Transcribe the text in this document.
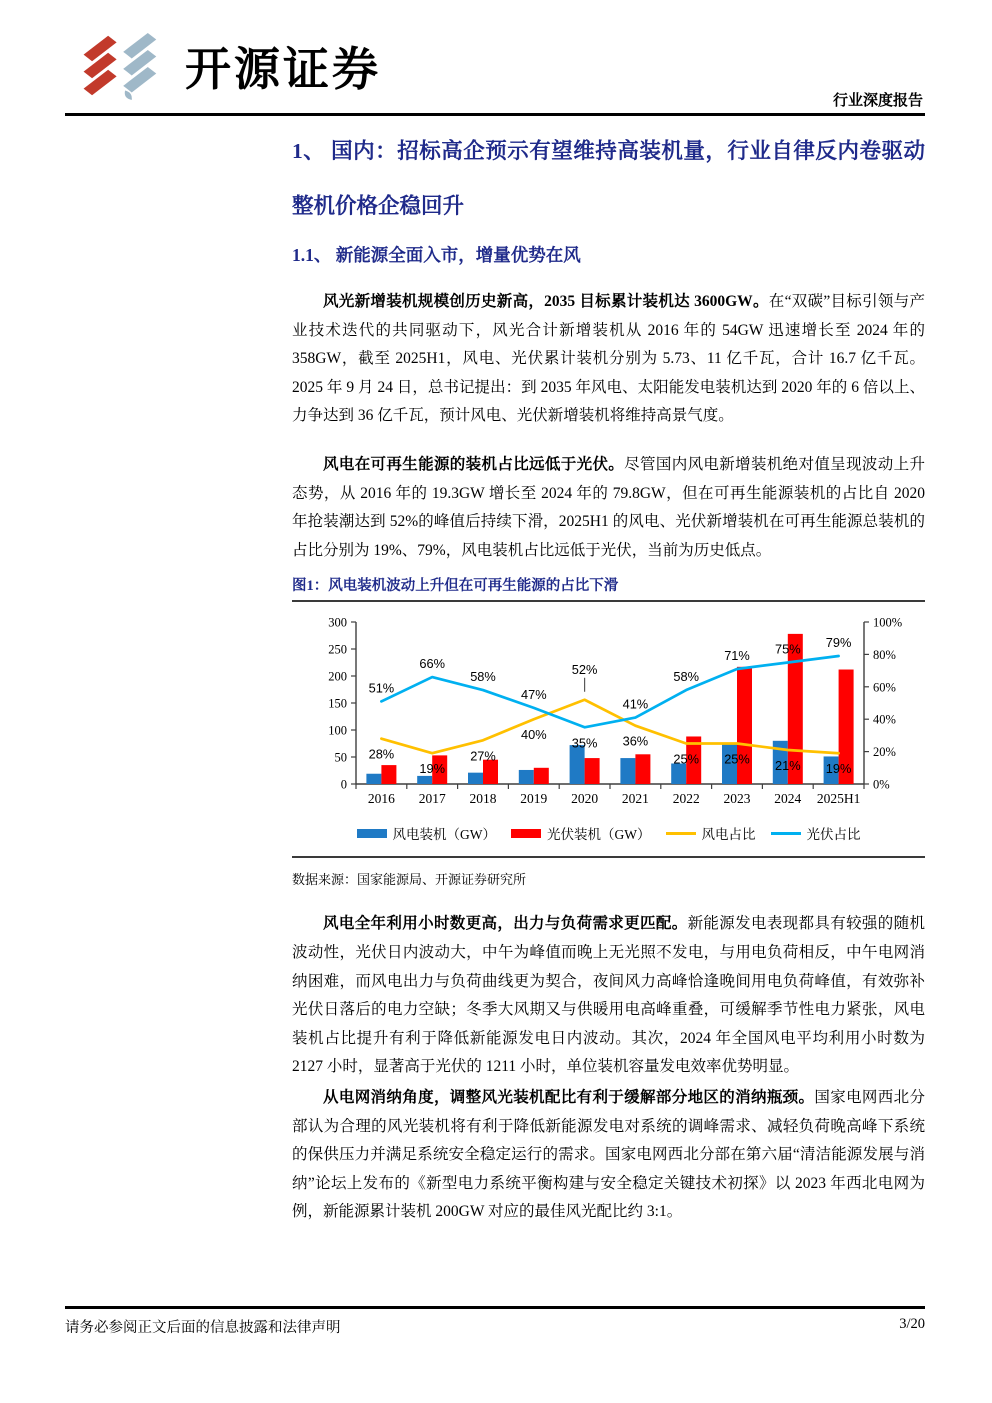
开源证券
行业深度报告
1、 国内：招标高企预示有望维持高装机量，行业自律反内卷驱动整机价格企稳回升
1.1、 新能源全面入市，增量优势在风

风光新增装机规模创历史新高，2035 目标累计装机达 3600GW。在“双碳”目标引领与产业技术迭代的共同驱动下，风光合计新增装机从 2016 年的 54GW 迅速增长至 2024 年的 358GW，截至 2025H1，风电、光伏累计装机分别为 5.73、11 亿千瓦，合计 16.7 亿千瓦。2025 年 9 月 24 日，总书记提出：到 2035 年风电、太阳能发电装机达到 2020 年的 6 倍以上、力争达到 36 亿千瓦，预计风电、光伏新增装机将维持高景气度。

风电在可再生能源的装机占比远低于光伏。尽管国内风电新增装机绝对值呈现波动上升态势，从 2016 年的 19.3GW 增长至 2024 年的 79.8GW，但在可再生能源装机的占比自 2020 年抢装潮达到 52%的峰值后持续下滑，2025H1 的风电、光伏新增装机在可再生能源总装机的占比分别为 19%、79%，风电装机占比远低于光伏，当前为历史低点。

图1：风电装机波动上升但在可再生能源的占比下滑
0
50
100
150
200
250
300
0%
20%
40%
60%
80%
100%
28%
19%
27%
40%
52%
36%
25% 25% 21% 19%
51%
66%
58%
47%
35%
41%
58%
71% 75% 79%
2016 2017 2018 2019 2020 2021 2022 2023 2024 2025H1
风电装机（GW）	光伏装机（GW）	风电占比	光伏占比
数据来源：国家能源局、开源证券研究所

风电全年利用小时数更高，出力与负荷需求更匹配。新能源发电表现都具有较强的随机波动性，光伏日内波动大，中午为峰值而晚上无光照不发电，与用电负荷相反，中午电网消纳困难，而风电出力与负荷曲线更为契合，夜间风力高峰恰逢晚间用电负荷峰值，有效弥补光伏日落后的电力空缺；冬季大风期又与供暖用电高峰重叠，可缓解季节性电力紧张，风电装机占比提升有利于降低新能源发电日内波动。其次，2024 年全国风电平均利用小时数为 2127 小时，显著高于光伏的 1211 小时，单位装机容量发电效率优势明显。

从电网消纳角度，调整风光装机配比有利于缓解部分地区的消纳瓶颈。国家电网西北分部认为合理的风光装机将有利于降低新能源发电对系统的调峰需求、减轻负荷晚高峰下系统的保供压力并满足系统安全稳定运行的需求。国家电网西北分部在第六届“清洁能源发展与消纳”论坛上发布的《新型电力系统平衡构建与安全稳定关键技术初探》以 2023 年西北电网为例，新能源累计装机 200GW 对应的最佳风光配比约 3:1。

请务必参阅正文后面的信息披露和法律声明	3/20
